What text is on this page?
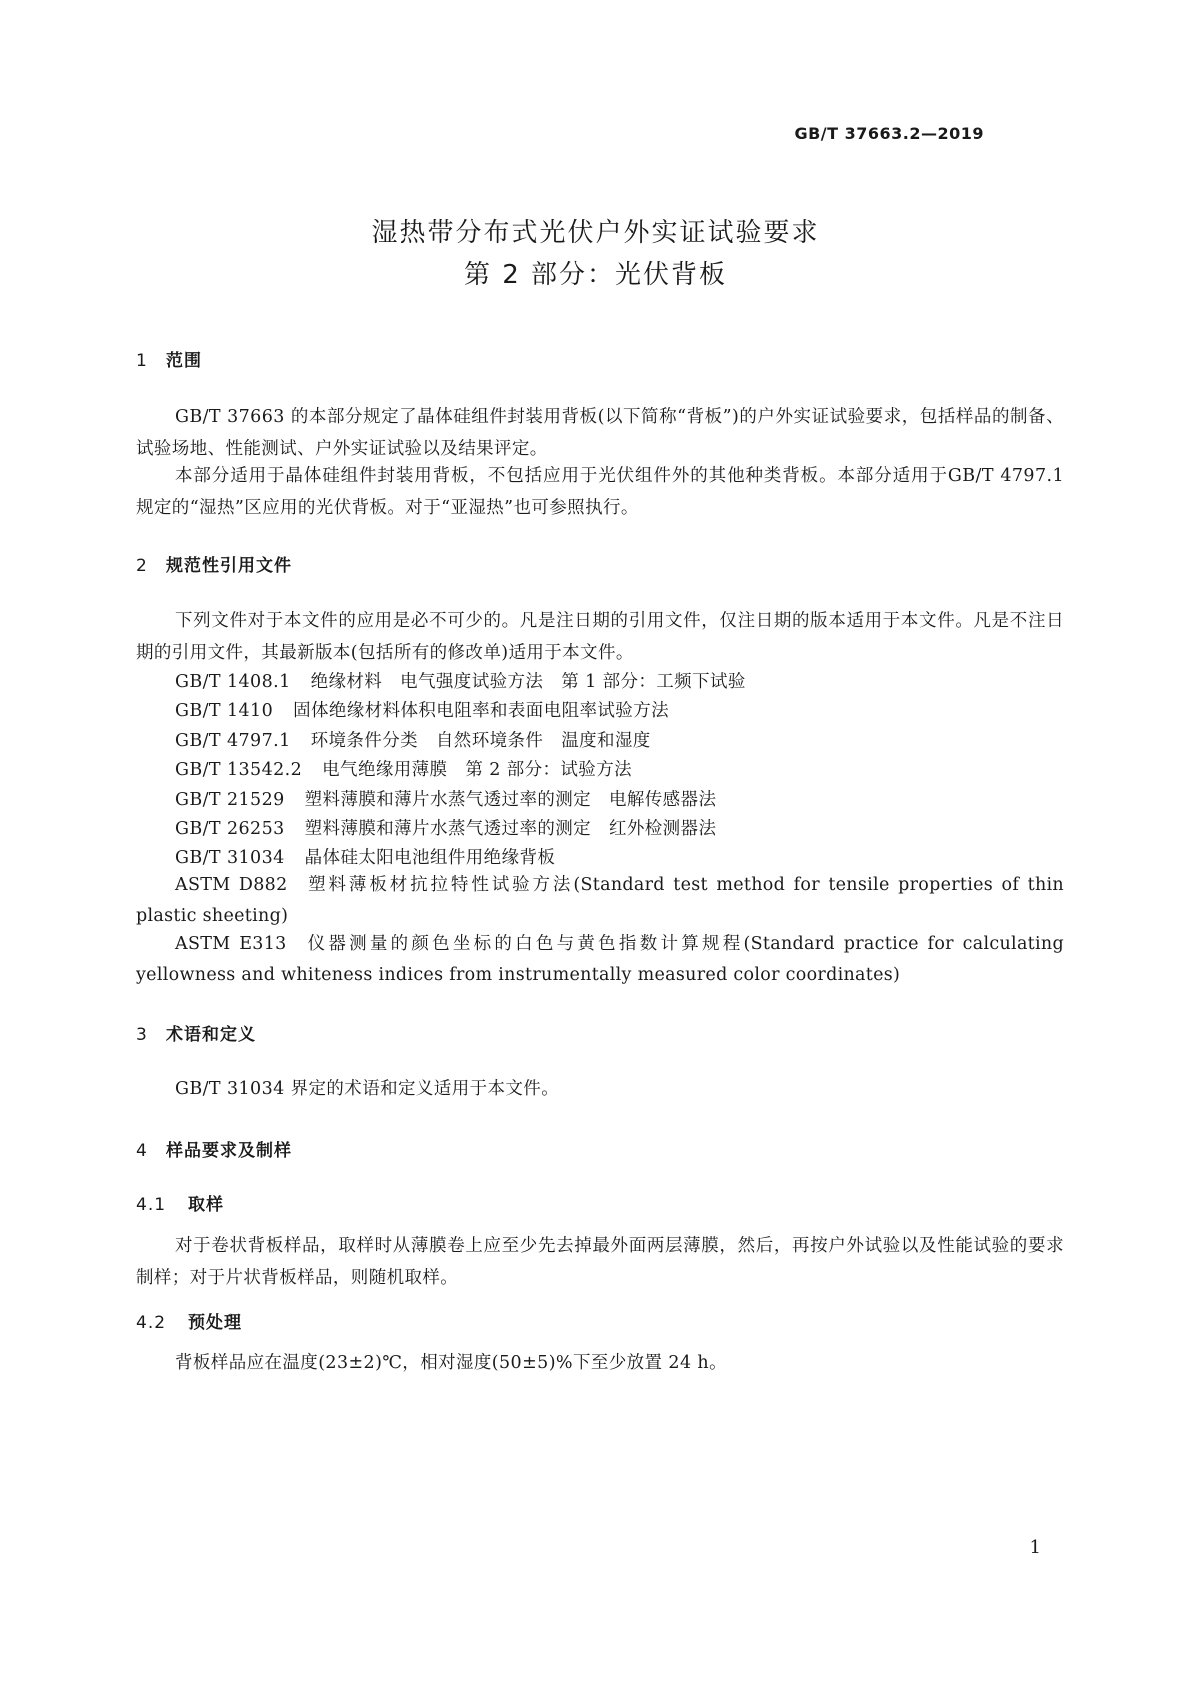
GB/T 37663.2—2019
湿热带分布式光伏户外实证试验要求
第 2 部分：光伏背板
1 范围
GB/T 37663 的本部分规定了晶体硅组件封装用背板(以下简称“背板”)的户外实证试验要求，包括样品的制备、试验场地、性能测试、户外实证试验以及结果评定。
本部分适用于晶体硅组件封装用背板，不包括应用于光伏组件外的其他种类背板。本部分适用于GB/T 4797.1 规定的“湿热”区应用的光伏背板。对于“亚湿热”也可参照执行。
2 规范性引用文件
下列文件对于本文件的应用是必不可少的。凡是注日期的引用文件，仅注日期的版本适用于本文件。凡是不注日期的引用文件，其最新版本(包括所有的修改单)适用于本文件。
GB/T 1408.1 绝缘材料　电气强度试验方法　第 1 部分：工频下试验
GB/T 1410 固体绝缘材料体积电阻率和表面电阻率试验方法
GB/T 4797.1 环境条件分类　自然环境条件　温度和湿度
GB/T 13542.2 电气绝缘用薄膜　第 2 部分：试验方法
GB/T 21529 塑料薄膜和薄片水蒸气透过率的测定　电解传感器法
GB/T 26253 塑料薄膜和薄片水蒸气透过率的测定　红外检测器法
GB/T 31034 晶体硅太阳电池组件用绝缘背板
ASTM D882 塑料薄板材抗拉特性试验方法(Standard test method for tensile properties of thin plastic sheeting)
ASTM E313 仪器测量的颜色坐标的白色与黄色指数计算规程(Standard practice for calculating yellowness and whiteness indices from instrumentally measured color coordinates)
3 术语和定义
GB/T 31034 界定的术语和定义适用于本文件。
4 样品要求及制样
4.1 取样
对于卷状背板样品，取样时从薄膜卷上应至少先去掉最外面两层薄膜，然后，再按户外试验以及性能试验的要求制样；对于片状背板样品，则随机取样。
4.2 预处理
背板样品应在温度(23±2)℃，相对湿度(50±5)%下至少放置 24 h。
1
